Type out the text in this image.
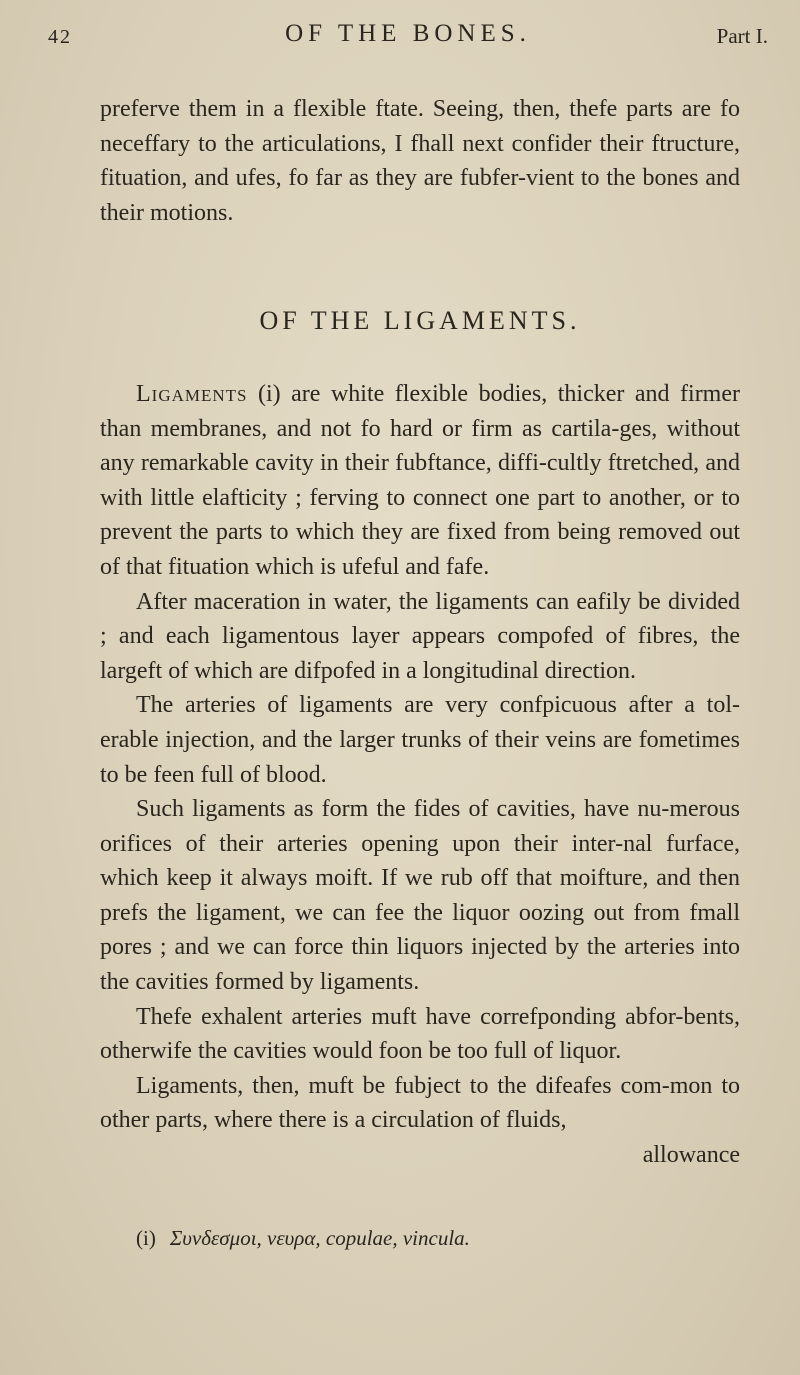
42	OF THE BONES.	Part I.

preferve them in a flexible ftate. Seeing, then, thefe parts are fo neceffary to the articulations, I fhall next confider their ftructure, fituation, and ufes, fo far as they are fubfer-vient to the bones and their motions.

OF THE LIGAMENTS.

Ligaments (i) are white flexible bodies, thicker and firmer than membranes, and not fo hard or firm as cartila-ges, without any remarkable cavity in their fubftance, diffi-cultly ftretched, and with little elafticity ; ferving to connect one part to another, or to prevent the parts to which they are fixed from being removed out of that fituation which is ufeful and fafe.

After maceration in water, the ligaments can eafily be divided ; and each ligamentous layer appears compofed of fibres, the largeft of which are difpofed in a longitudinal direction.

The arteries of ligaments are very confpicuous after a tol-erable injection, and the larger trunks of their veins are fometimes to be feen full of blood.

Such ligaments as form the fides of cavities, have nu-merous orifices of their arteries opening upon their inter-nal furface, which keep it always moift. If we rub off that moifture, and then prefs the ligament, we can fee the liquor oozing out from fmall pores ; and we can force thin liquors injected by the arteries into the cavities formed by ligaments.

Thefe exhalent arteries muft have correfponding abfor-bents, otherwife the cavities would foon be too full of liquor.

Ligaments, then, muft be fubject to the difeafes com-mon to other parts, where there is a circulation of fluids,

allowance

(i) Συνδεσμοι, νευρα, copulae, vincula.
